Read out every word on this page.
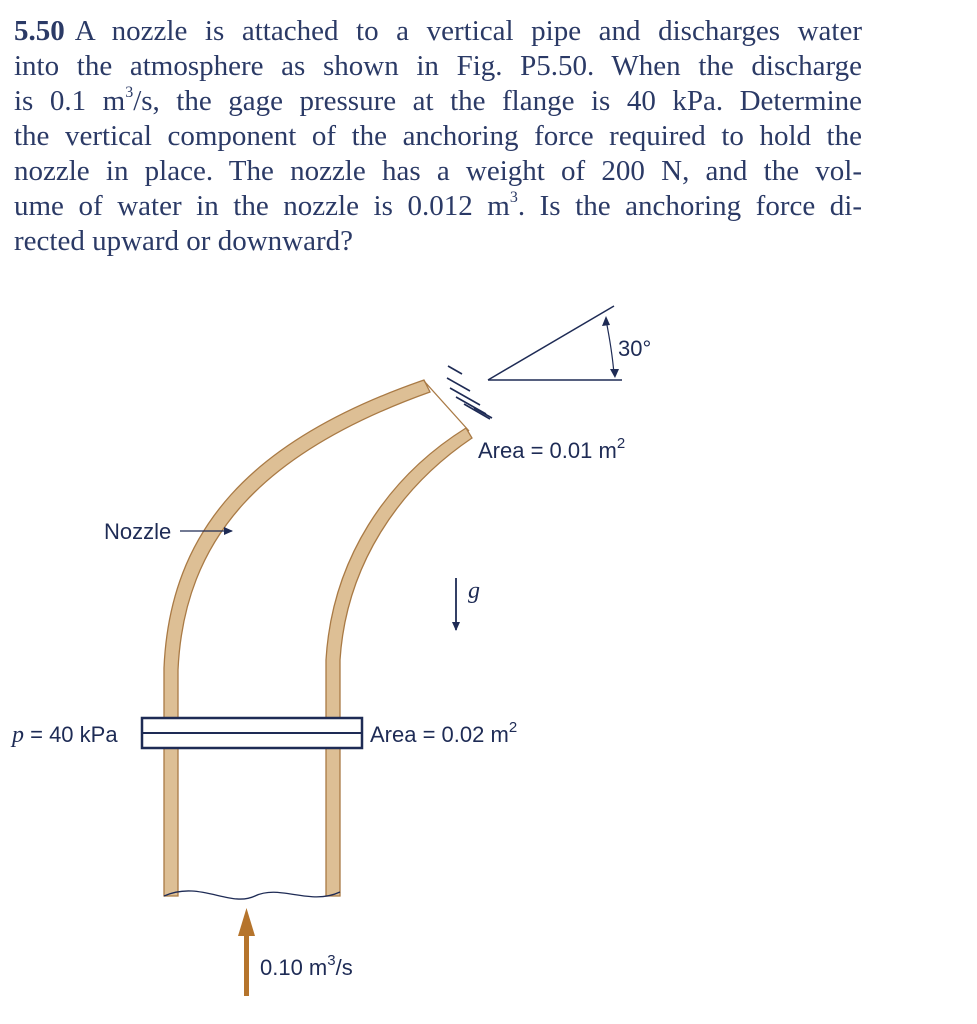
5.50 A nozzle is attached to a vertical pipe and discharges water
into the atmosphere as shown in Fig. P5.50. When the discharge
is 0.1 $m^3/s$, the gage pressure at the flange is 40 kPa. Determine
the vertical component of the anchoring force required to hold the
nozzle in place. The nozzle has a weight of 200 N, and the vol-
ume of water in the nozzle is 0.012 $m^3$. Is the anchoring force di-
rected upward or downward?

30°
Area = 0.01 $m^2$
Nozzle
g
p = 40 kPa	Area = 0.02 $m^2$
0.10 $m^3/s$
